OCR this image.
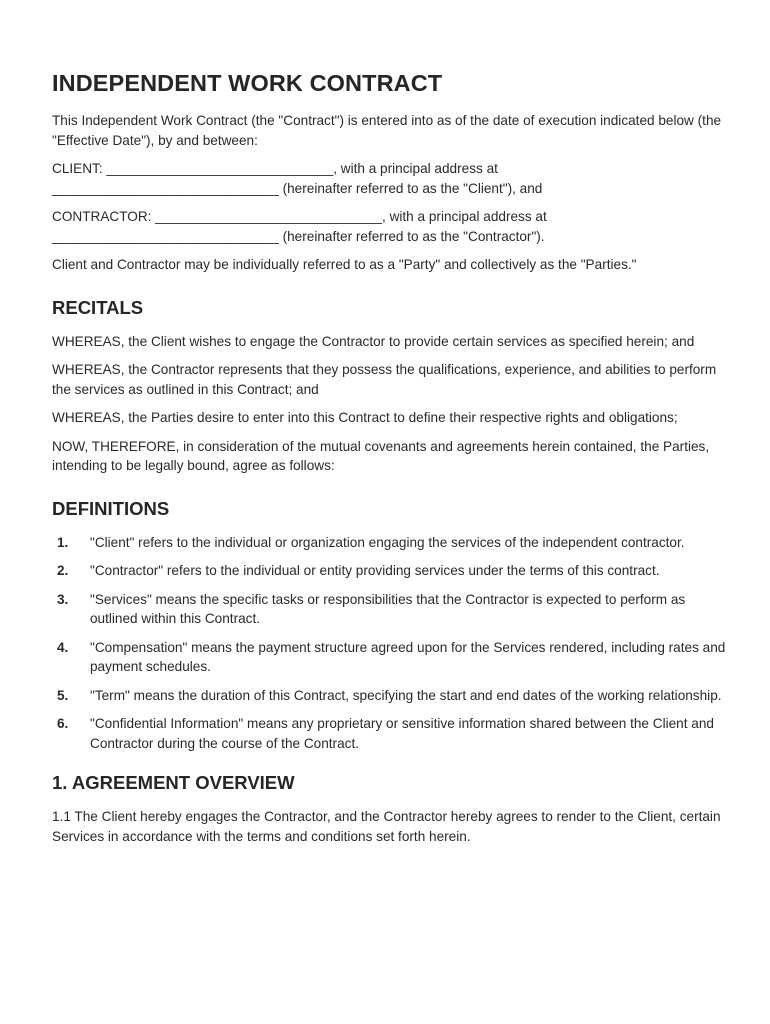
INDEPENDENT WORK CONTRACT

This Independent Work Contract (the "Contract") is entered into as of the date of execution indicated below (the "Effective Date"), by and between:

CLIENT: ______________________________, with a principal address at

______________________________ (hereinafter referred to as the "Client"), and

CONTRACTOR: ______________________________, with a principal address at

______________________________ (hereinafter referred to as the "Contractor").

Client and Contractor may be individually referred to as a "Party" and collectively as the "Parties."

RECITALS

WHEREAS, the Client wishes to engage the Contractor to provide certain services as specified herein; and

WHEREAS, the Contractor represents that they possess the qualifications, experience, and abilities to perform the services as outlined in this Contract; and

WHEREAS, the Parties desire to enter into this Contract to define their respective rights and obligations;

NOW, THEREFORE, in consideration of the mutual covenants and agreements herein contained, the Parties, intending to be legally bound, agree as follows:

DEFINITIONS
1. "Client" refers to the individual or organization engaging the services of the independent contractor.
2. "Contractor" refers to the individual or entity providing services under the terms of this contract.
3. "Services" means the specific tasks or responsibilities that the Contractor is expected to perform as outlined within this Contract.
4. "Compensation" means the payment structure agreed upon for the Services rendered, including rates and payment schedules.
5. "Term" means the duration of this Contract, specifying the start and end dates of the working relationship.
6. "Confidential Information" means any proprietary or sensitive information shared between the Client and Contractor during the course of the Contract.
1. AGREEMENT OVERVIEW

1.1 The Client hereby engages the Contractor, and the Contractor hereby agrees to render to the Client, certain Services in accordance with the terms and conditions set forth herein.
